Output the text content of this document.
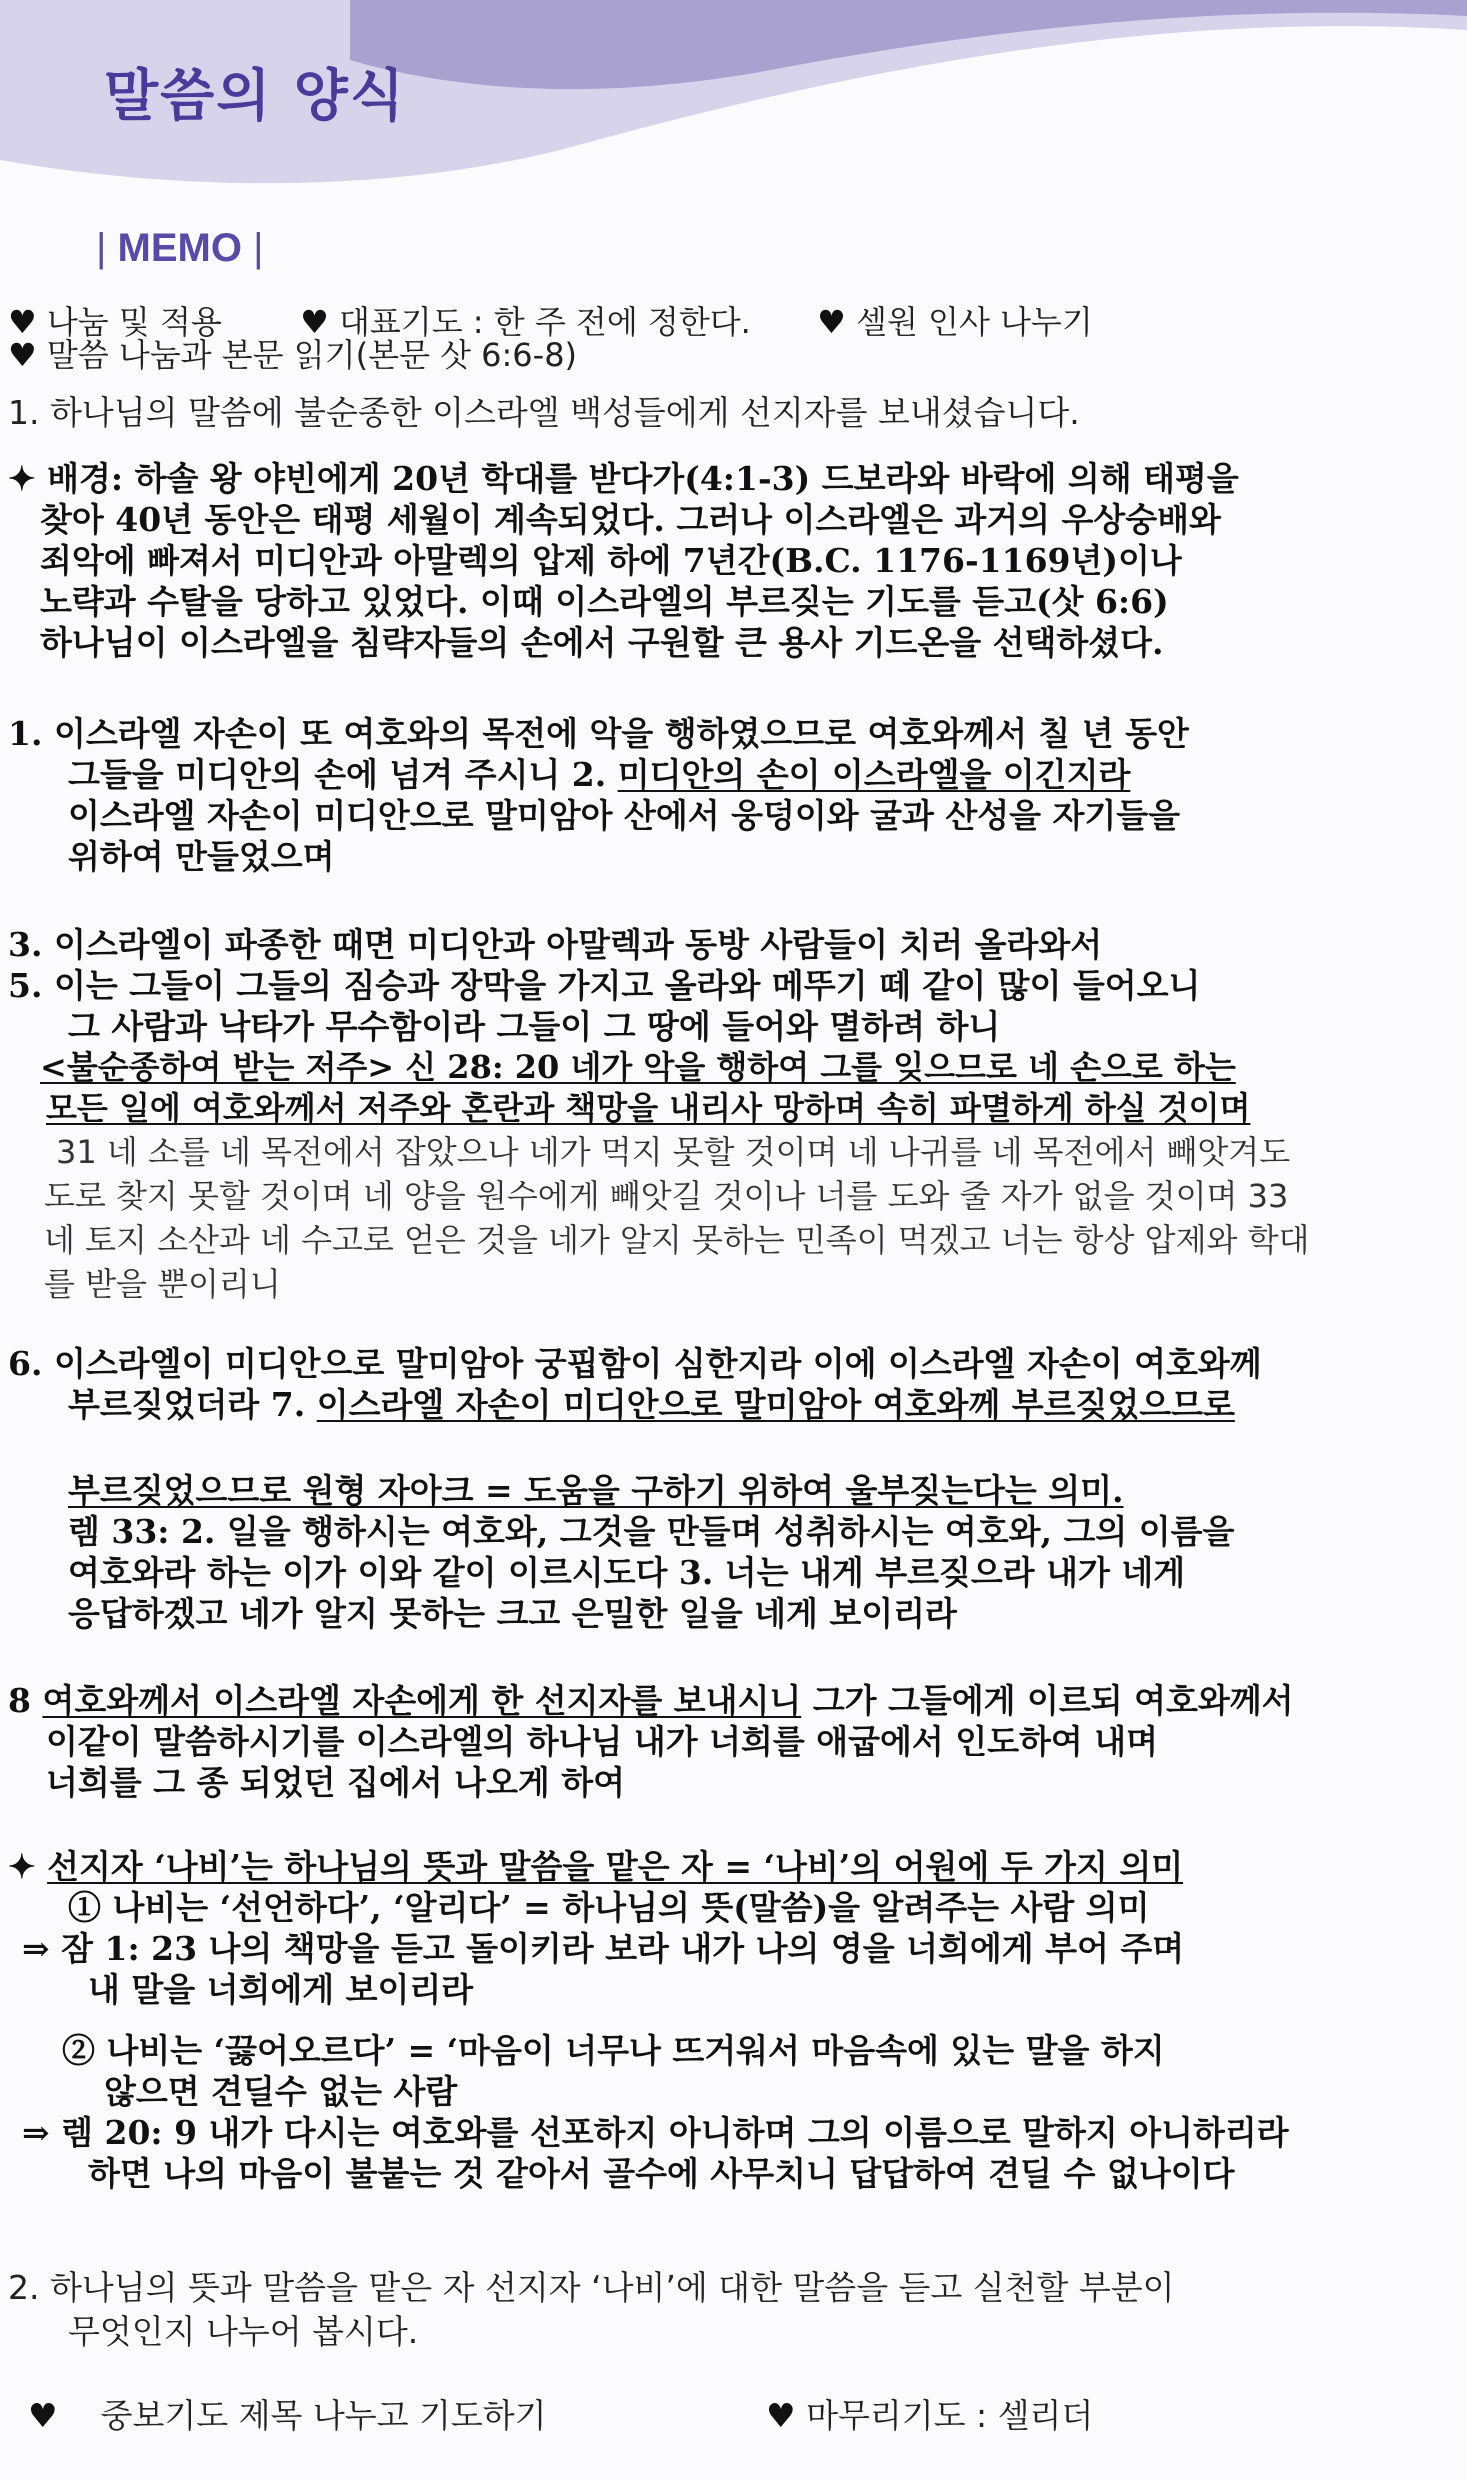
말씀의 양식
| MEMO |
♥ 나눔 및 적용 ♥ 대표기도 : 한 주 전에 정한다. ♥ 셀원 인사 나누기
♥ 말씀 나눔과 본문 읽기(본문 삿 6:6-8)
1. 하나님의 말씀에 불순종한 이스라엘 백성들에게 선지자를 보내셨습니다.
✦ 배경: 하솔 왕 야빈에게 20년 학대를 받다가(4:1-3) 드보라와 바락에 의해 태평을
찾아 40년 동안은 태평 세월이 계속되었다. 그러나 이스라엘은 과거의 우상숭배와
죄악에 빠져서 미디안과 아말렉의 압제 하에 7년간(B.C. 1176-1169년)이나
노략과 수탈을 당하고 있었다. 이때 이스라엘의 부르짖는 기도를 듣고(삿 6:6)
하나님이 이스라엘을 침략자들의 손에서 구원할 큰 용사 기드온을 선택하셨다.
1. 이스라엘 자손이 또 여호와의 목전에 악을 행하였으므로 여호와께서 칠 년 동안
그들을 미디안의 손에 넘겨 주시니 2. 미디안의 손이 이스라엘을 이긴지라
이스라엘 자손이 미디안으로 말미암아 산에서 웅덩이와 굴과 산성을 자기들을
위하여 만들었으며
3. 이스라엘이 파종한 때면 미디안과 아말렉과 동방 사람들이 치러 올라와서
5. 이는 그들이 그들의 짐승과 장막을 가지고 올라와 메뚜기 떼 같이 많이 들어오니
그 사람과 낙타가 무수함이라 그들이 그 땅에 들어와 멸하려 하니
<불순종하여 받는 저주> 신 28: 20 네가 악을 행하여 그를 잊으므로 네 손으로 하는
모든 일에 여호와께서 저주와 혼란과 책망을 내리사 망하며 속히 파멸하게 하실 것이며
31 네 소를 네 목전에서 잡았으나 네가 먹지 못할 것이며 네 나귀를 네 목전에서 빼앗겨도
도로 찾지 못할 것이며 네 양을 원수에게 빼앗길 것이나 너를 도와 줄 자가 없을 것이며 33
네 토지 소산과 네 수고로 얻은 것을 네가 알지 못하는 민족이 먹겠고 너는 항상 압제와 학대
를 받을 뿐이리니
6. 이스라엘이 미디안으로 말미암아 궁핍함이 심한지라 이에 이스라엘 자손이 여호와께
부르짖었더라 7. 이스라엘 자손이 미디안으로 말미암아 여호와께 부르짖었으므로
부르짖었으므로 원형 자아크 = 도움을 구하기 위하여 울부짖는다는 의미.
렘 33: 2. 일을 행하시는 여호와, 그것을 만들며 성취하시는 여호와, 그의 이름을
여호와라 하는 이가 이와 같이 이르시도다 3. 너는 내게 부르짖으라 내가 네게
응답하겠고 네가 알지 못하는 크고 은밀한 일을 네게 보이리라
8 여호와께서 이스라엘 자손에게 한 선지자를 보내시니 그가 그들에게 이르되 여호와께서
이같이 말씀하시기를 이스라엘의 하나님 내가 너희를 애굽에서 인도하여 내며
너희를 그 종 되었던 집에서 나오게 하여
✦ 선지자 ‘나비’는 하나님의 뜻과 말씀을 맡은 자 = ‘나비’의 어원에 두 가지 의미
① 나비는 ‘선언하다’, ‘알리다’ = 하나님의 뜻(말씀)을 알려주는 사람 의미
⇒ 잠 1: 23 나의 책망을 듣고 돌이키라 보라 내가 나의 영을 너희에게 부어 주며
내 말을 너희에게 보이리라
② 나비는 ‘끓어오르다’ = ‘마음이 너무나 뜨거워서 마음속에 있는 말을 하지
않으면 견딜수 없는 사람
⇒ 렘 20: 9 내가 다시는 여호와를 선포하지 아니하며 그의 이름으로 말하지 아니하리라
하면 나의 마음이 불붙는 것 같아서 골수에 사무치니 답답하여 견딜 수 없나이다
2. 하나님의 뜻과 말씀을 맡은 자 선지자 ‘나비’에 대한 말씀을 듣고 실천할 부분이
무엇인지 나누어 봅시다.
♥ 중보기도 제목 나누고 기도하기	♥ 마무리기도 : 셀리더
